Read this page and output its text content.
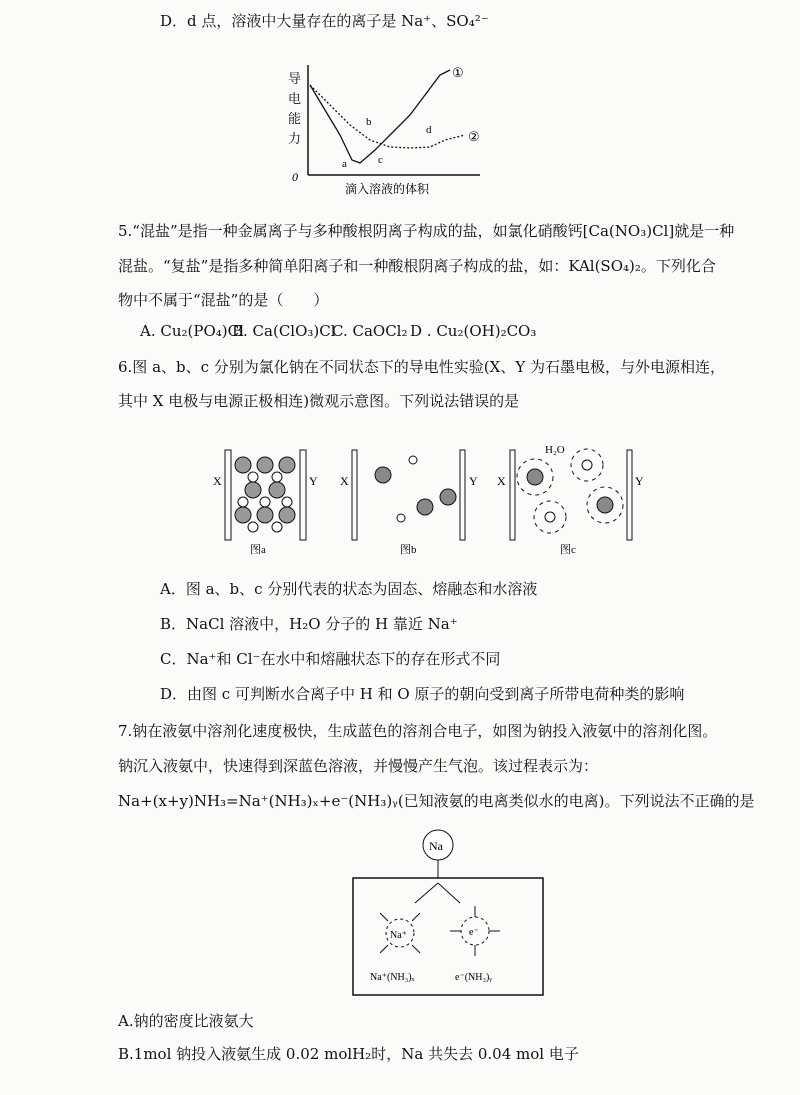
D．d 点，溶液中大量存在的离子是 Na⁺、SO₄²⁻
导电能力
0
滴入溶液的体积
a
b
c
d
①
②
5.“混盐”是指一种金属离子与多种酸根阴离子构成的盐，如氯化硝酸钙[Ca(NO₃)Cl]就是一种
混盐。“复盐”是指多种简单阳离子和一种酸根阴离子构成的盐，如：KAl(SO₄)₂。下列化合
物中不属于“混盐”的是（　　）
A. Cu₂(PO₄)Cl
B. Ca(ClO₃)Cl
C. CaOCl₂ D . Cu₂(OH)₂CO₃
6.图 a、b、c 分别为氯化钠在不同状态下的导电性实验(X、Y 为石墨电极，与外电源相连，
其中 X 电极与电源正极相连)微观示意图。下列说法错误的是
X	Y
图a
X	Y
图b
X	Y
H₂O
图c
A．图 a、b、c 分别代表的状态为固态、熔融态和水溶液
B．NaCl 溶液中，H₂O 分子的 H 靠近 Na⁺
C．Na⁺和 Cl⁻在水中和熔融状态下的存在形式不同
D．由图 c 可判断水合离子中 H 和 O 原子的朝向受到离子所带电荷种类的影响
7.钠在液氨中溶剂化速度极快，生成蓝色的溶剂合电子，如图为钠投入液氨中的溶剂化图。
钠沉入液氨中，快速得到深蓝色溶液，并慢慢产生气泡。该过程表示为：
Na+(x+y)NH₃=Na⁺(NH₃)ₓ+e⁻(NH₃)ᵧ(已知液氨的电离类似水的电离)。下列说法不正确的是
Na
Na⁺	e⁻
Na⁺(NH₃)ₓ	e⁻(NH₃)ᵧ
A.钠的密度比液氨大
B.1mol 钠投入液氨生成 0.02 molH₂时，Na 共失去 0.04 mol 电子
